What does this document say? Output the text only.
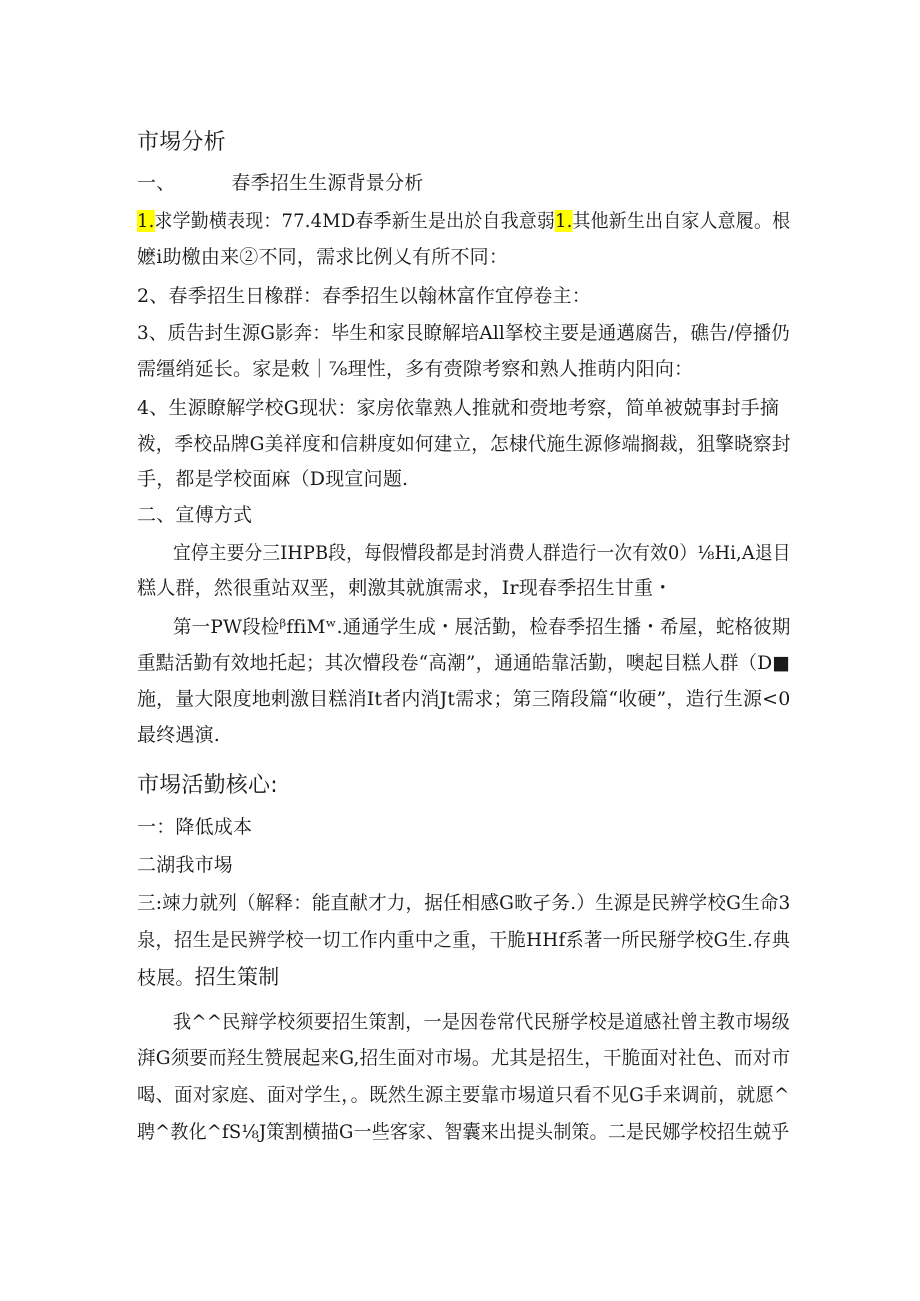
市埸分析
一、	春季招生生源背景分析
1.求学勤横表现：77.4MD春季新生是出於自我意弱1.其他新生出自家人意履。根
嬷i助檄由来②不同，需求比例乂有所不同：
2、春季招生日橡群：春季招生以翰林富作宜停卷主：
3、质告封生源G影奔：毕生和家艮瞭解培All拏校主要是通邁腐告，礁告/停播仍
需缰绡延长。家是敕｜⅞理性，多有赍隙考察和熟人推萌内阳向：
4、生源瞭解学校G现状：家房依靠熟人推就和赍地考察，简单被兢事封手摘
袯，季校品牌G美祥度和信耕度如何建立，怎棣代施生源修端搁裁，狙擎晓察封
手，都是学校面麻（D现宣问题.
二、宣傅方式
宜停主要分三IHPB段，每假懵段都是封消费人群造行一次有效0）⅛Hi,A退目
糕人群，然很重站双垩，剌激其就旗需求，Ir现春季招生甘重・
第一PW段检ᵝffiMʷ.通通学生成・展活勤，检春季招生播・希屋，蛇格彼期
重黠活勤有效地托起；其次懵段卷“高潮”，通通皓靠活勤，噢起目糕人群（D■
施，量大限度地剌激目糕消It者内消Jt需求；第三隋段篇“收硬”，造行生源<0
最终遇演.
市埸活勤核心:
一：降低成本
二湖我市埸
三:竦力就列（解释：能直献才力，据任相感G畋孑务.）生源是民辨学校G生命3
泉，招生是民辨学校一切工作内重中之重，干脆HHf系著一所民掰学校G生.存典
枝展。招生策制
我^^民辩学校须要招生策割，一是因卷常代民掰学校是道感社曾主教市埸级
湃G须要而羟生赞展起来G,招生面对市埸。尤其是招生，干脆面对社色、而对市
喝、面对家庭、面对学生，。既然生源主要靠市埸道只看不见G手来调前，就愿^
聘^教化^fS⅛J策割横描G一些客家、智囊来出提头制策。二是民娜学校招生兢乎
